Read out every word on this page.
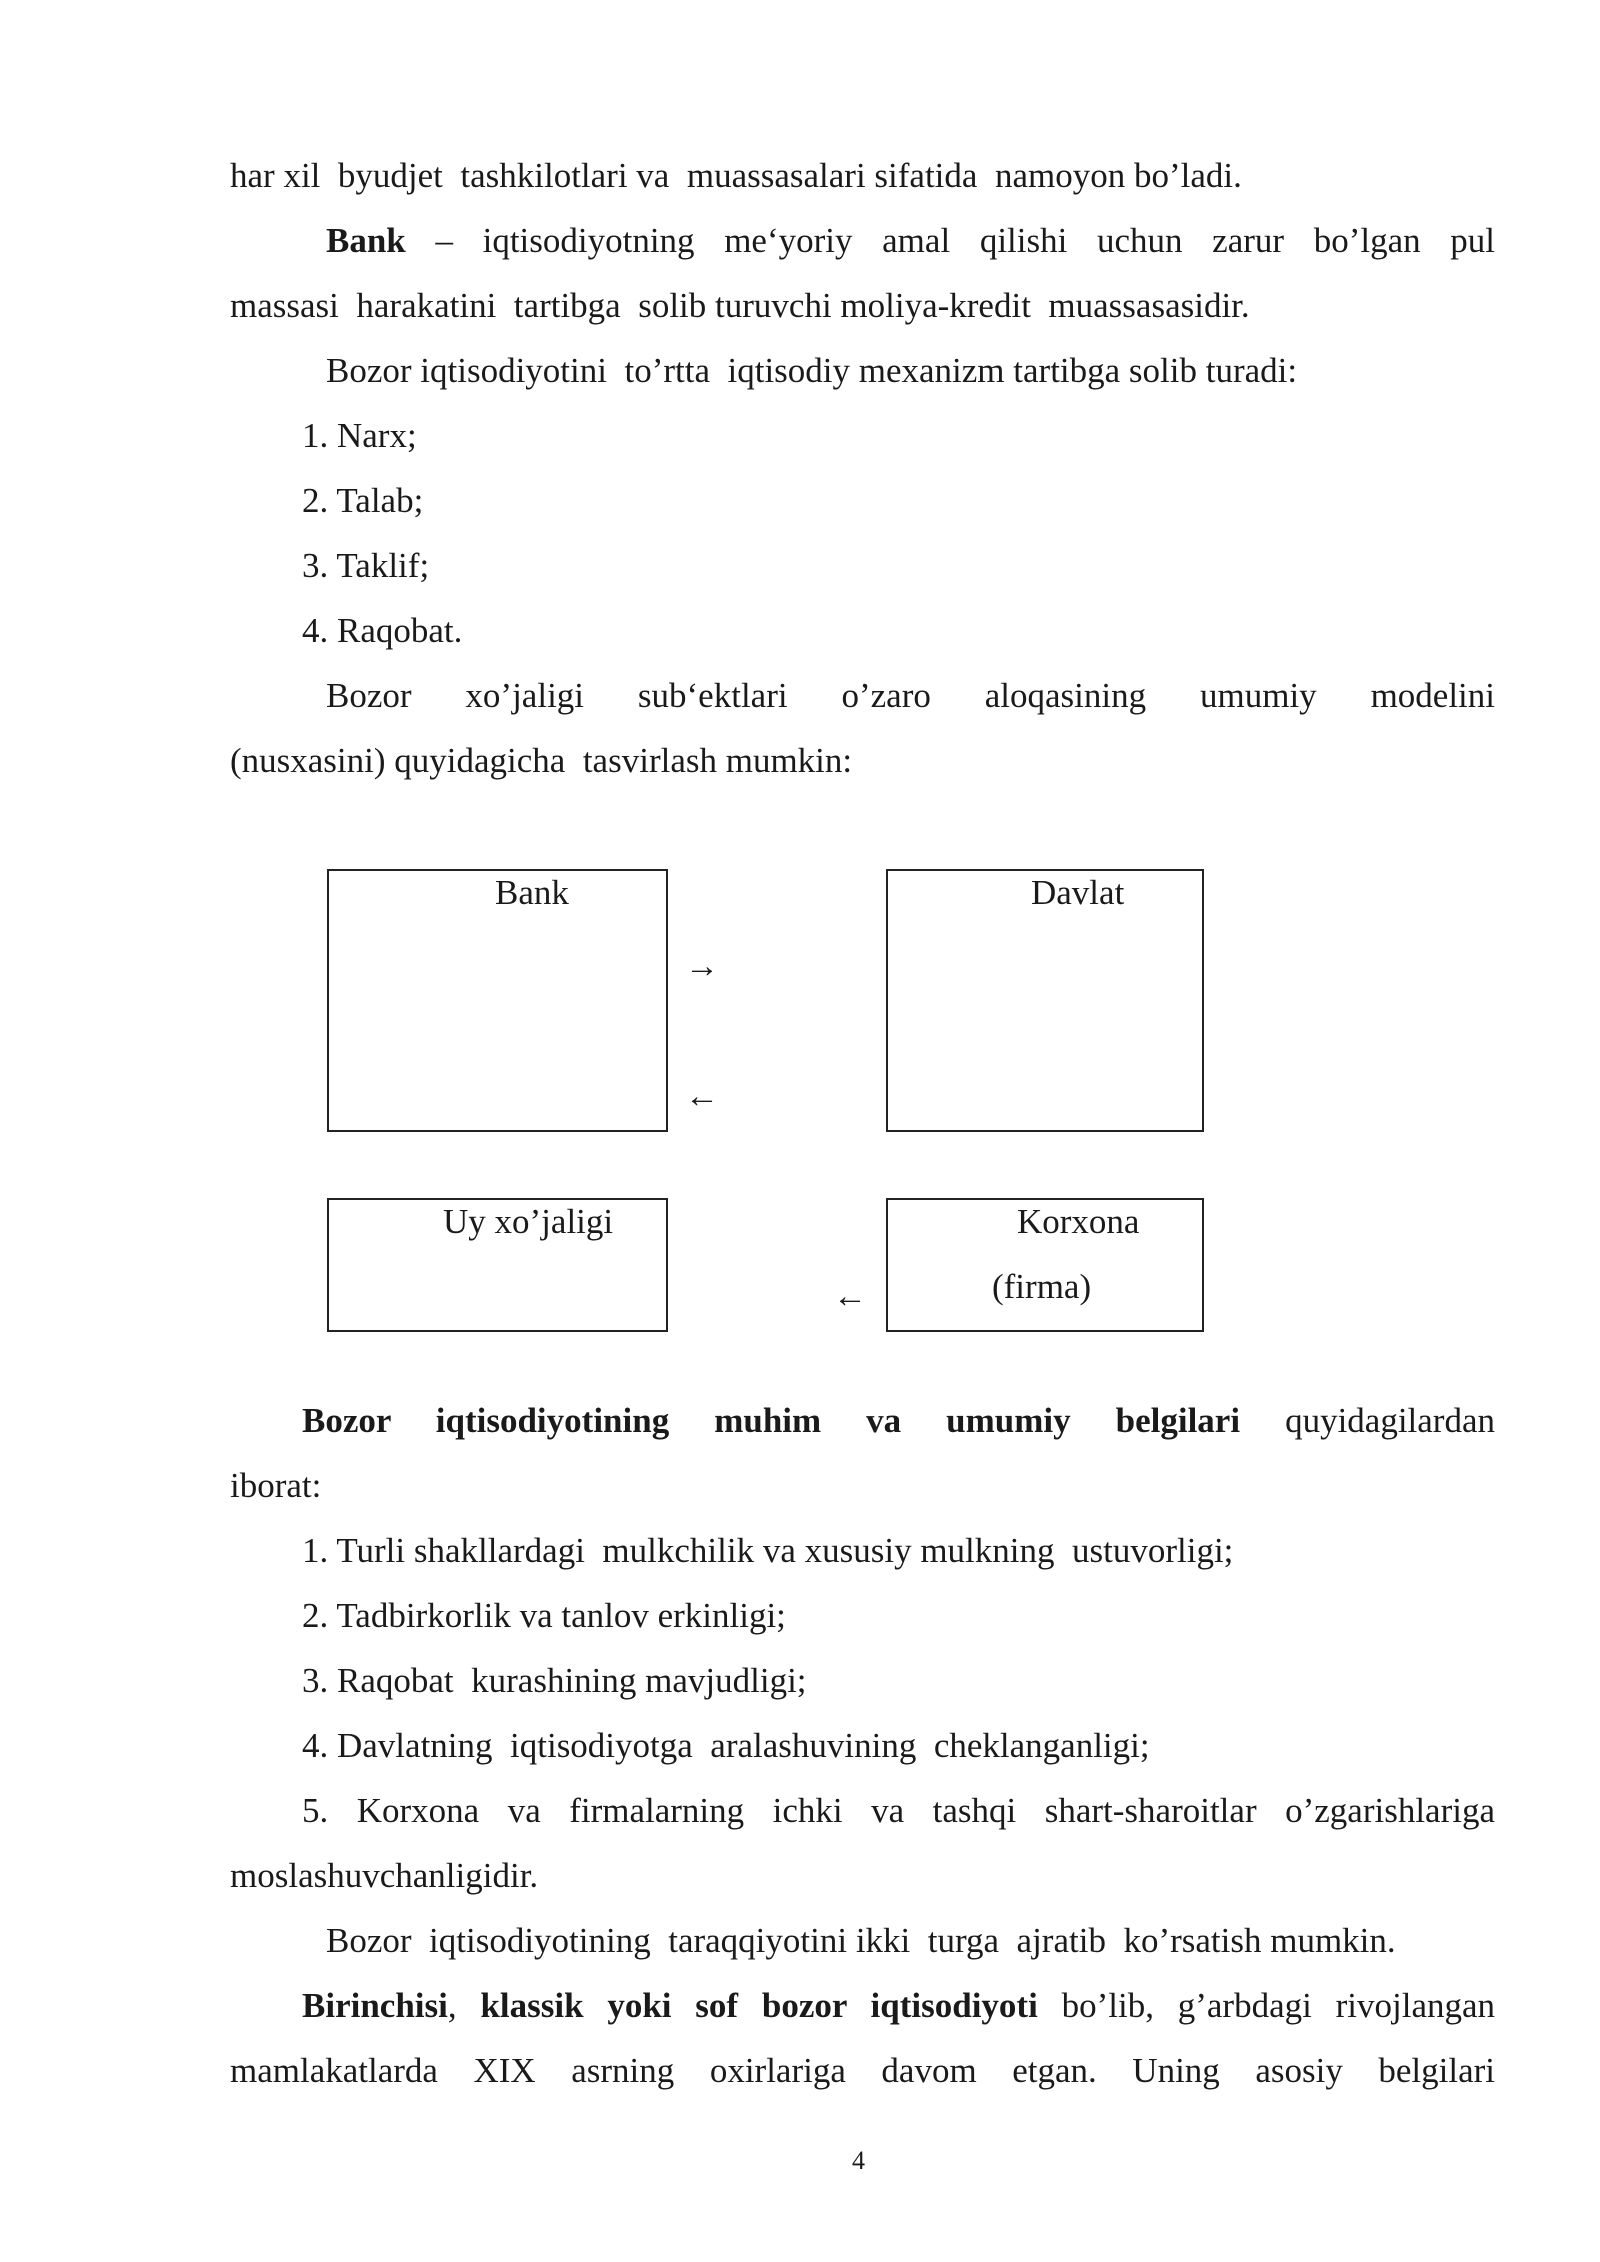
har xil  byudjet  tashkilotlari va  muassasalari sifatida  namoyon bo’ladi.
Bank – iqtisodiyotning me‘yoriy amal qilishi uchun zarur bo’lgan pul
massasi  harakatini  tartibga  solib turuvchi moliya-kredit  muassasasidir.
Bozor iqtisodiyotini  to’rtta  iqtisodiy mexanizm tartibga solib turadi:
1. Narx;
2. Talab;
3. Taklif;
4. Raqobat.
Bozor xo’jaligi sub‘ektlari o’zaro aloqasining umumiy modelini
(nusxasini) quyidagicha  tasvirlash mumkin:
Bank	Davlat
Uy xo’jaligi	Korxona
(firma)
→
←
←
Bozor iqtisodiyotining muhim va umumiy belgilari quyidagilardan
iborat:
1. Turli shakllardagi  mulkchilik va xususiy mulkning  ustuvorligi;
2. Tadbirkorlik va tanlov erkinligi;
3. Raqobat  kurashining mavjudligi;
4. Davlatning  iqtisodiyotga  aralashuvining  cheklanganligi;
5. Korxona va firmalarning ichki va tashqi shart-sharoitlar o’zgarishlariga
moslashuvchanligidir.
Bozor  iqtisodiyotining  taraqqiyotini ikki  turga  ajratib  ko’rsatish mumkin.
Birinchisi, klassik yoki sof bozor iqtisodiyoti bo’lib, g’arbdagi rivojlangan
mamlakatlarda XIX asrning oxirlariga davom etgan. Uning asosiy belgilari
4
